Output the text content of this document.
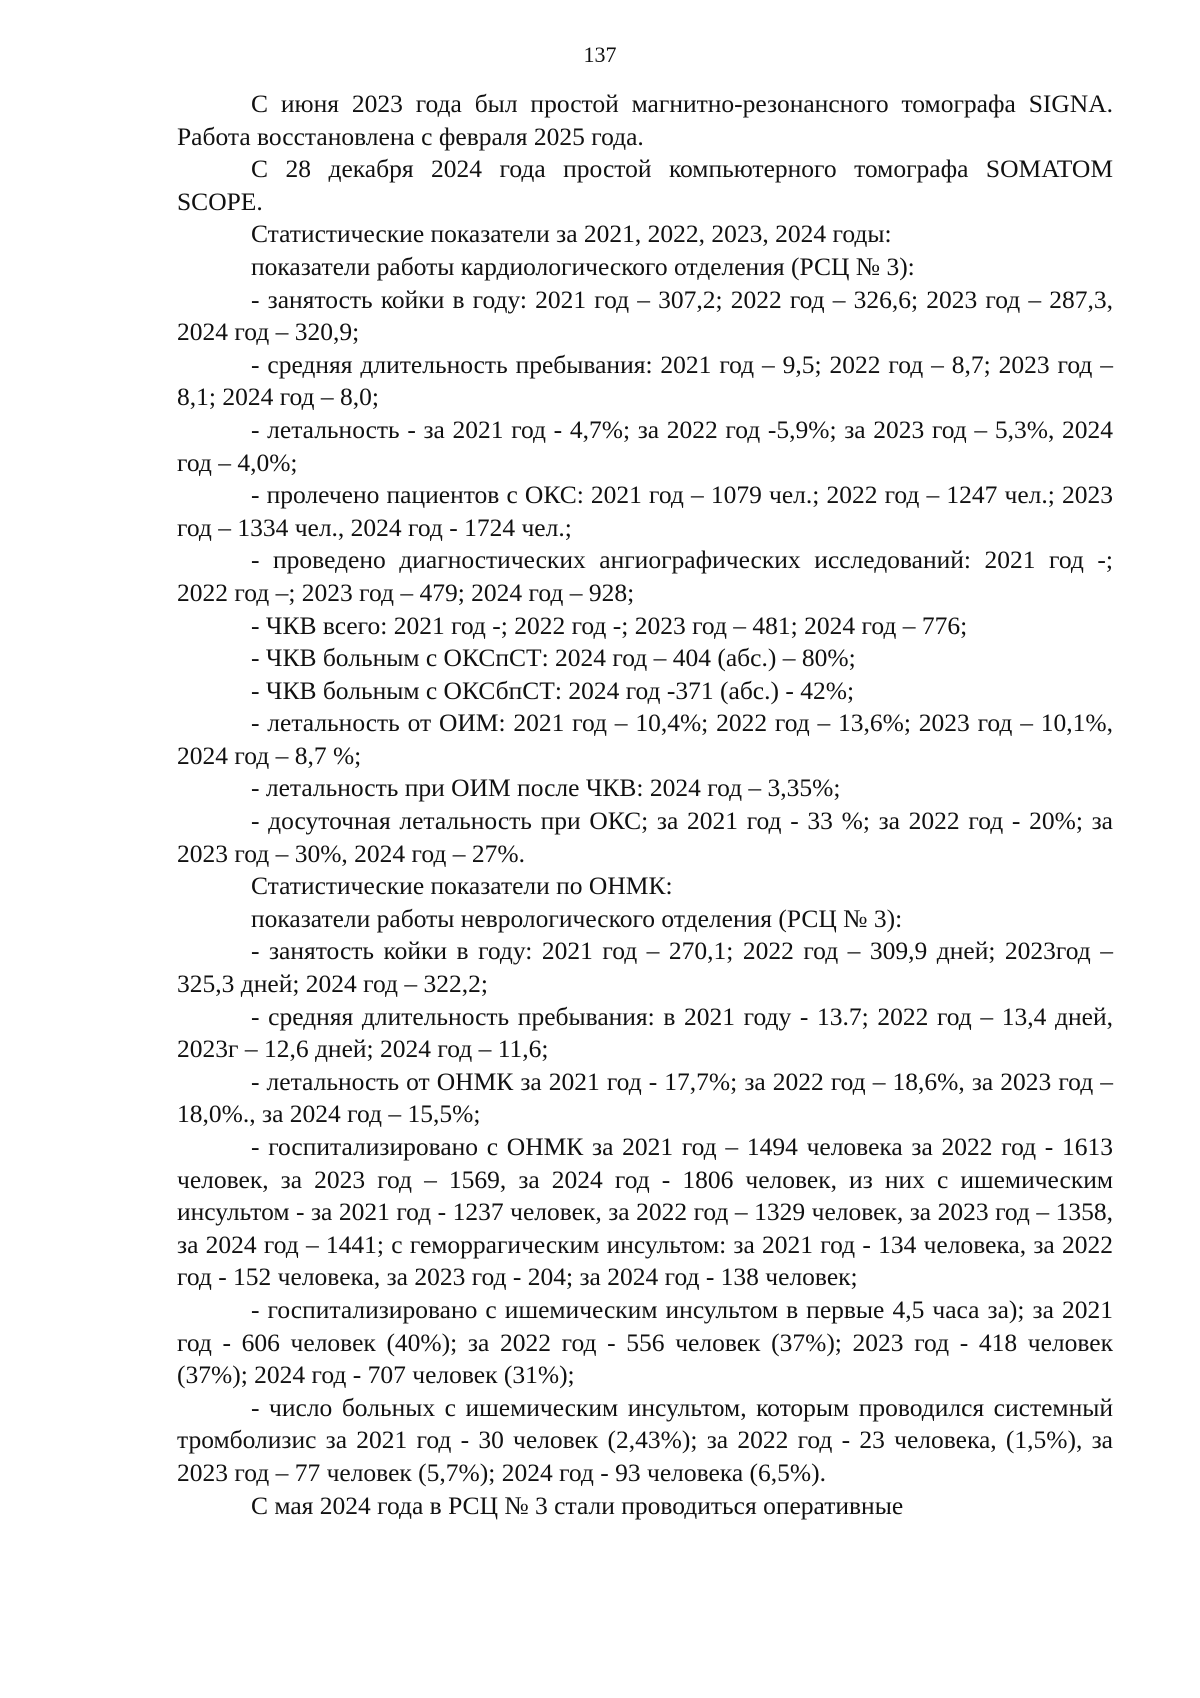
137

С июня 2023 года был простой магнитно-резонансного томографа SIGNA. Работа восстановлена с февраля 2025 года.

С 28 декабря 2024 года простой компьютерного томографа SOMATOM SCOPE.

Статистические показатели за 2021, 2022, 2023, 2024 годы:

показатели работы кардиологического отделения (РСЦ № 3):

- занятость койки в году: 2021 год – 307,2; 2022 год – 326,6; 2023 год – 287,3, 2024 год – 320,9;

- средняя длительность пребывания: 2021 год – 9,5; 2022 год – 8,7; 2023 год – 8,1; 2024 год – 8,0;

- летальность - за 2021 год - 4,7%; за 2022 год -5,9%; за 2023 год – 5,3%, 2024 год – 4,0%;

- пролечено пациентов с ОКС: 2021 год – 1079 чел.; 2022 год – 1247 чел.; 2023 год – 1334 чел., 2024 год - 1724 чел.;

- проведено диагностических ангиографических исследований: 2021 год -; 2022 год –; 2023 год – 479; 2024 год – 928;

- ЧКВ всего: 2021 год -; 2022 год -; 2023 год – 481; 2024 год – 776;

- ЧКВ больным с ОКСпСТ: 2024 год – 404 (абс.) – 80%;

- ЧКВ больным с ОКСбпСТ: 2024 год -371 (абс.) - 42%;

- летальность от ОИМ: 2021 год – 10,4%; 2022 год – 13,6%; 2023 год – 10,1%, 2024 год – 8,7 %;

- летальность при ОИМ после ЧКВ: 2024 год – 3,35%;

- досуточная летальность при ОКС; за 2021 год - 33 %; за 2022 год - 20%; за 2023 год – 30%, 2024 год – 27%.

Статистические показатели по ОНМК:

показатели работы неврологического отделения (РСЦ № 3):

- занятость койки в году: 2021 год – 270,1; 2022 год – 309,9 дней; 2023год – 325,3 дней; 2024 год – 322,2;

- средняя длительность пребывания: в 2021 году - 13.7; 2022 год – 13,4 дней, 2023г – 12,6 дней; 2024 год – 11,6;

- летальность от ОНМК за 2021 год - 17,7%; за 2022 год – 18,6%, за 2023 год – 18,0%., за 2024 год – 15,5%;

- госпитализировано с ОНМК за 2021 год – 1494 человека за 2022 год - 1613 человек, за 2023 год – 1569, за 2024 год - 1806 человек, из них с ишемическим инсультом - за 2021 год - 1237 человек, за 2022 год – 1329 человек, за 2023 год – 1358, за 2024 год – 1441; с геморрагическим инсультом: за 2021 год - 134 человека, за 2022 год - 152 человека, за 2023 год - 204; за 2024 год - 138 человек;

- госпитализировано с ишемическим инсультом в первые 4,5 часа за); за 2021 год - 606 человек (40%); за 2022 год - 556 человек (37%); 2023 год - 418 человек (37%); 2024 год - 707 человек (31%);

- число больных с ишемическим инсультом, которым проводился системный тромболизис за 2021 год - 30 человек (2,43%); за 2022 год - 23 человека, (1,5%), за 2023 год – 77 человек (5,7%); 2024 год - 93 человека (6,5%).

С мая 2024 года в РСЦ № 3 стали проводиться оперативные
